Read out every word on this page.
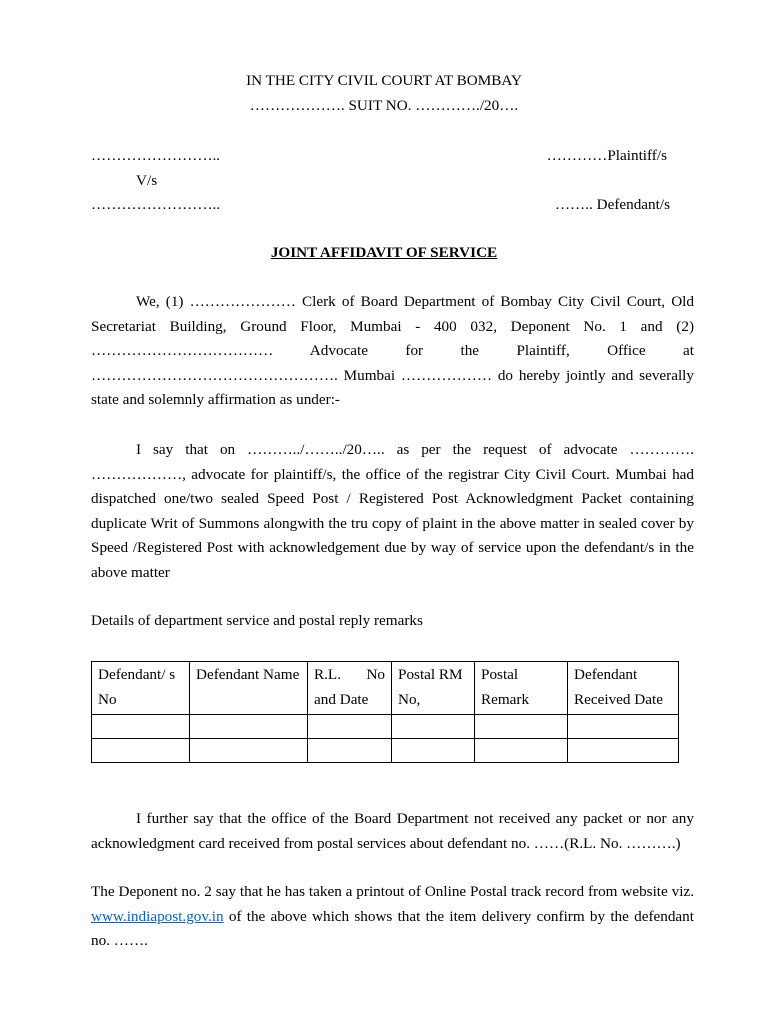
IN THE CITY CIVIL COURT AT BOMBAY
………………. SUIT NO. …………./20….
……………………..	…………Plaintiff/s
V/s
……………………..	…….. Defendant/s
JOINT AFFIDAVIT OF SERVICE
We, (1) ………………… Clerk of Board Department of Bombay City Civil Court, Old Secretariat Building, Ground Floor, Mumbai - 400 032, Deponent No. 1 and (2) ……………………………… Advocate for the Plaintiff, Office at …………………………………………. Mumbai ……………… do hereby jointly and severally state and solemnly affirmation as under:-
I say that on ………../……../20….. as per the request of advocate …………. ………………, advocate for plaintiff/s, the office of the registrar City Civil Court. Mumbai had dispatched one/two sealed Speed Post / Registered Post Acknowledgment Packet containing duplicate Writ of Summons alongwith the tru copy of plaint in the above matter in sealed cover by Speed /Registered Post with acknowledgement due by way of service upon the defendant/s in the above matter
Details of department service and postal reply remarks
Defendant/ s No	Defendant Name	R.L. No and Date	Postal RM No,	Postal Remark	Defendant Received Date

I further say that the office of the Board Department not received any packet or nor any acknowledgment card received from postal services about defendant no. ……(R.L. No. ……….)
The Deponent no. 2 say that he has taken a printout of Online Postal track record from website viz. www.indiapost.gov.in of the above which shows that the item delivery confirm by the defendant no. …….
